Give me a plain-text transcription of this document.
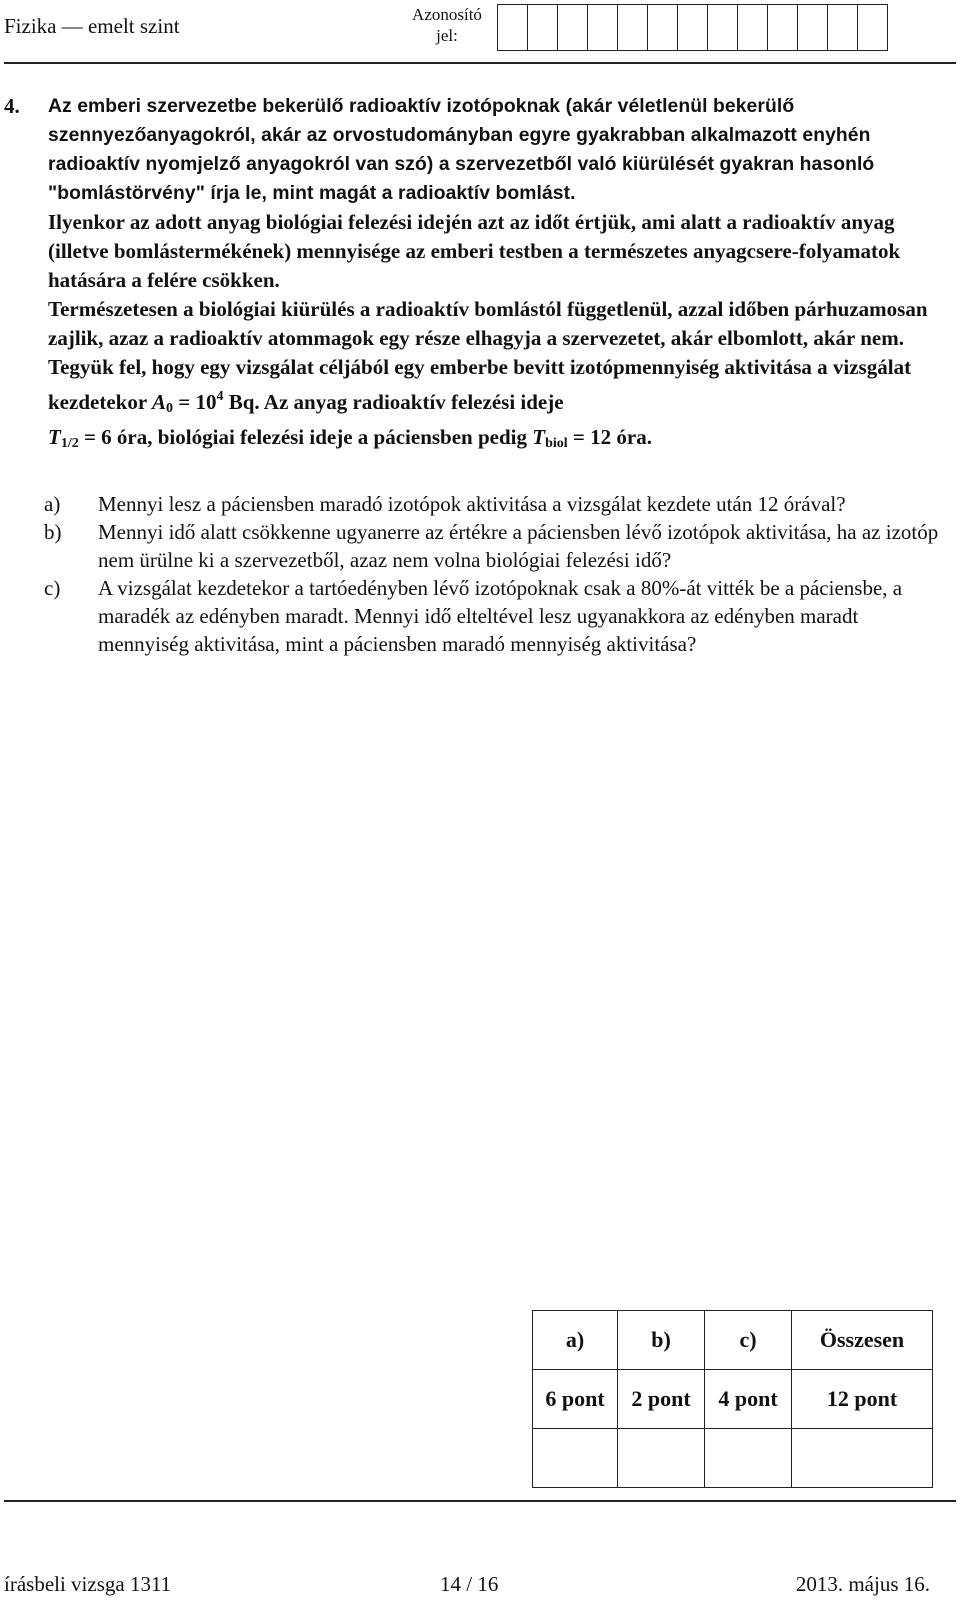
Fizika — emelt szint	Azonosító jel:
4. Az emberi szervezetbe bekerülő radioaktív izotópoknak (akár véletlenül bekerülő szennyezőanyagokról, akár az orvostudományban egyre gyakrabban alkalmazott enyhén radioaktív nyomjelző anyagokról van szó) a szervezetből való kiürülését gyakran hasonló "bomlástörvény" írja le, mint magát a radioaktív bomlást.

Ilyenkor az adott anyag biológiai felezési idején azt az időt értjük, ami alatt a radioaktív anyag (illetve bomlástermékének) mennyisége az emberi testben a természetes anyagcsere-folyamatok hatására a felére csökken.

Természetesen a biológiai kiürülés a radioaktív bomlástól függetlenül, azzal időben párhuzamosan zajlik, azaz a radioaktív atommagok egy része elhagyja a szervezetet, akár elbomlott, akár nem.

Tegyük fel, hogy egy vizsgálat céljából egy emberbe bevitt izotópmennyiség aktivitása a vizsgálat kezdetekor $A_0 = 10^4$ Bq. Az anyag radioaktív felezési ideje
$T_{1/2} = 6$ óra, biológiai felezési ideje a páciensben pedig $T_{biol} = 12$ óra.

a) Mennyi lesz a páciensben maradó izotópok aktivitása a vizsgálat kezdete után 12 órával?
b) Mennyi idő alatt csökkenne ugyanerre az értékre a páciensben lévő izotópok aktivitása, ha az izotóp nem ürülne ki a szervezetből, azaz nem volna biológiai felezési idő?
c) A vizsgálat kezdetekor a tartóedényben lévő izotópoknak csak a 80%-át vitték be a páciensbe, a maradék az edényben maradt. Mennyi idő elteltével lesz ugyanakkora az edényben maradt mennyiség aktivitása, mint a páciensben maradó mennyiség aktivitása?
a)	b)	c)	Összesen
6 pont	2 pont	4 pont	12 pont

írásbeli vizsga 1311	14 / 16	2013. május 16.
